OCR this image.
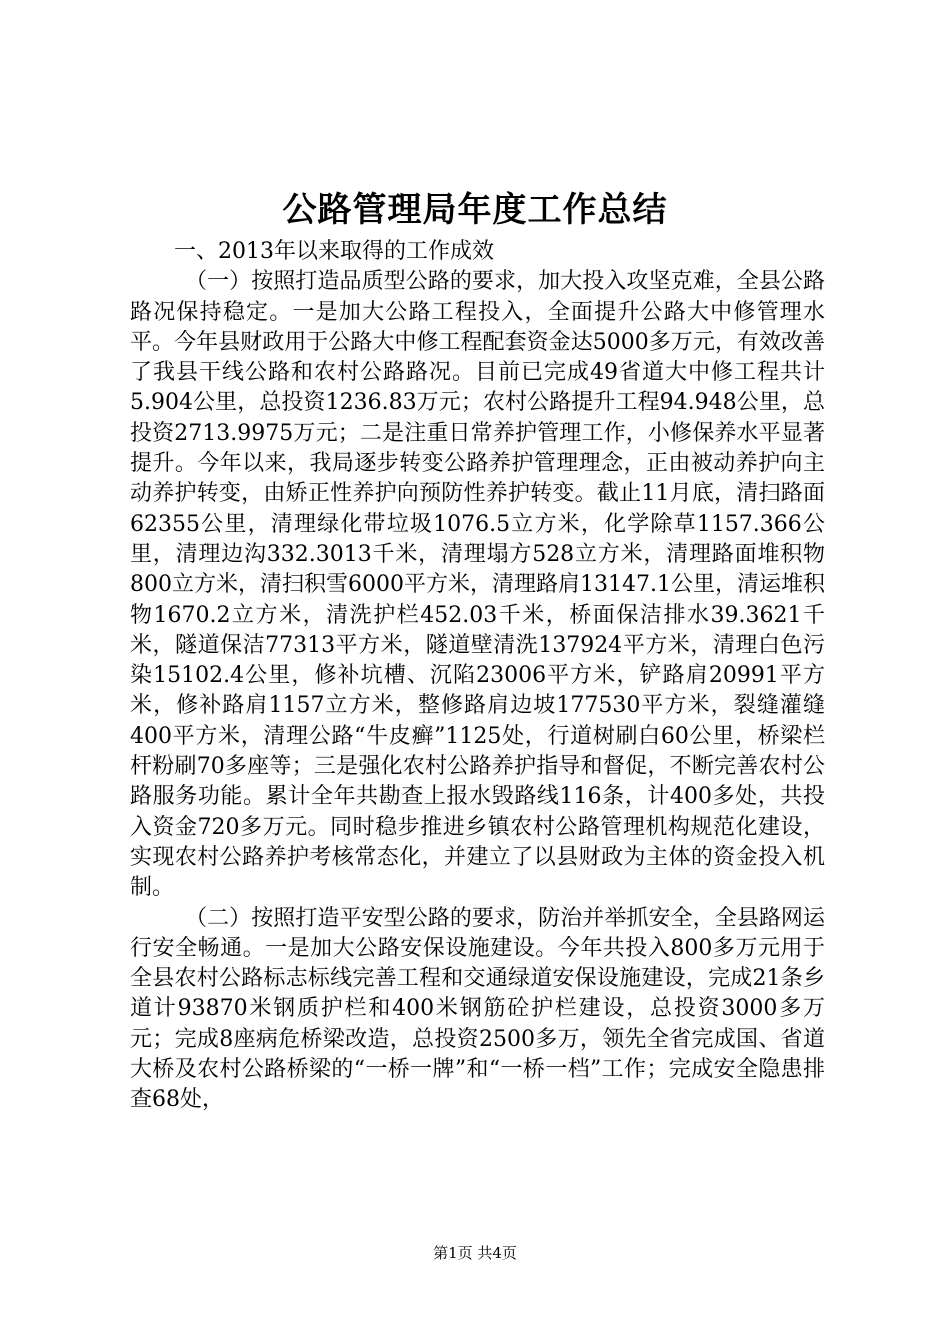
公路管理局年度工作总结

一、2013年以来取得的工作成效

（一）按照打造品质型公路的要求，加大投入攻坚克难，全县公路路况保持稳定。一是加大公路工程投入，全面提升公路大中修管理水平。今年县财政用于公路大中修工程配套资金达5000多万元，有效改善了我县干线公路和农村公路路况。目前已完成49省道大中修工程共计5.904公里，总投资1236.83万元；农村公路提升工程94.948公里，总投资2713.9975万元；二是注重日常养护管理工作，小修保养水平显著提升。今年以来，我局逐步转变公路养护管理理念，正由被动养护向主动养护转变，由矫正性养护向预防性养护转变。截止11月底，清扫路面62355公里，清理绿化带垃圾1076.5立方米，化学除草1157.366公里，清理边沟332.3013千米，清理塌方528立方米，清理路面堆积物800立方米，清扫积雪6000平方米，清理路肩13147.1公里，清运堆积物1670.2立方米，清洗护栏452.03千米，桥面保洁排水39.3621千米，隧道保洁77313平方米，隧道壁清洗137924平方米，清理白色污染15102.4公里，修补坑槽、沉陷23006平方米，铲路肩20991平方米，修补路肩1157立方米，整修路肩边坡177530平方米，裂缝灌缝400平方米，清理公路“牛皮癣”1125处，行道树刷白60公里，桥梁栏杆粉刷70多座等；三是强化农村公路养护指导和督促，不断完善农村公路服务功能。累计全年共勘查上报水毁路线116条，计400多处，共投入资金720多万元。同时稳步推进乡镇农村公路管理机构规范化建设，实现农村公路养护考核常态化，并建立了以县财政为主体的资金投入机制。

（二）按照打造平安型公路的要求，防治并举抓安全，全县路网运行安全畅通。一是加大公路安保设施建设。今年共投入800多万元用于全县农村公路标志标线完善工程和交通绿道安保设施建设，完成21条乡道计93870米钢质护栏和400米钢筋砼护栏建设，总投资3000多万元；完成8座病危桥梁改造，总投资2500多万，领先全省完成国、省道大桥及农村公路桥梁的“一桥一牌”和“一桥一档”工作；完成安全隐患排查68处，

第1页 共4页
